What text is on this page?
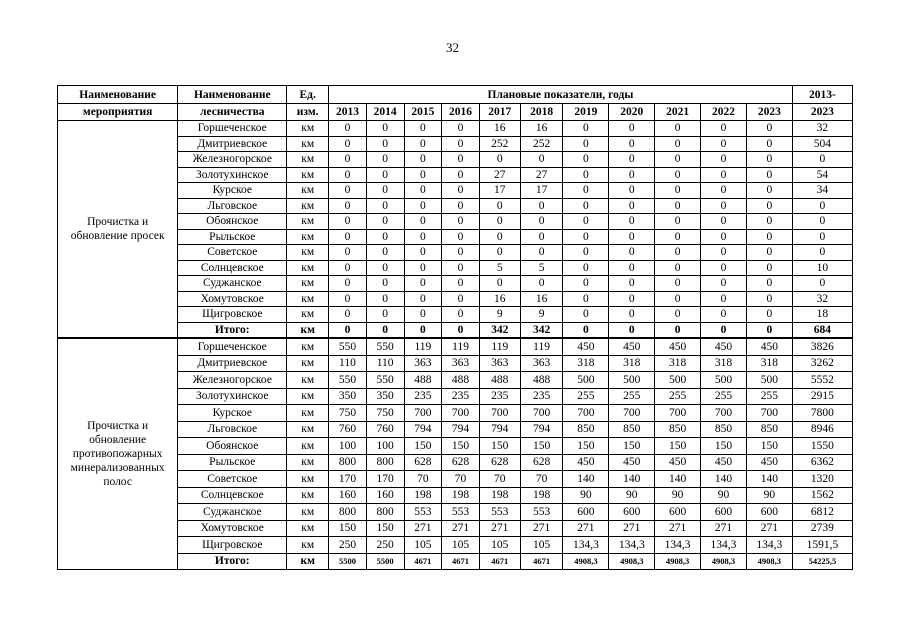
32
Наименование	Наименование	Ед.	Плановые показатели, годы											2013-
мероприятия	лесничества	изм.	2013	2014	2015	2016	2017	2018	2019	2020	2021	2022	2023	2023
Прочистка и обновление просек	Горшеченское	км	0	0	0	0	16	16	0	0	0	0	0	32
	Дмитриевское	км	0	0	0	0	252	252	0	0	0	0	0	504
	Железногорское	км	0	0	0	0	0	0	0	0	0	0	0	0
	Золотухинское	км	0	0	0	0	27	27	0	0	0	0	0	54
	Курское	км	0	0	0	0	17	17	0	0	0	0	0	34
	Льговское	км	0	0	0	0	0	0	0	0	0	0	0	0
	Обоянское	км	0	0	0	0	0	0	0	0	0	0	0	0
	Рыльское	км	0	0	0	0	0	0	0	0	0	0	0	0
	Советское	км	0	0	0	0	0	0	0	0	0	0	0	0
	Солнцевское	км	0	0	0	0	5	5	0	0	0	0	0	10
	Суджанское	км	0	0	0	0	0	0	0	0	0	0	0	0
	Хомутовское	км	0	0	0	0	16	16	0	0	0	0	0	32
	Щигровское	км	0	0	0	0	9	9	0	0	0	0	0	18
	Итого:	км	0	0	0	0	342	342	0	0	0	0	0	684
Прочистка и обновление противопожарных минерализованных полос	Горшеченское	км	550	550	119	119	119	119	450	450	450	450	450	3826
	Дмитриевское	км	110	110	363	363	363	363	318	318	318	318	318	3262
	Железногорское	км	550	550	488	488	488	488	500	500	500	500	500	5552
	Золотухинское	км	350	350	235	235	235	235	255	255	255	255	255	2915
	Курское	км	750	750	700	700	700	700	700	700	700	700	700	7800
	Льговское	км	760	760	794	794	794	794	850	850	850	850	850	8946
	Обоянское	км	100	100	150	150	150	150	150	150	150	150	150	1550
	Рыльское	км	800	800	628	628	628	628	450	450	450	450	450	6362
	Советское	км	170	170	70	70	70	70	140	140	140	140	140	1320
	Солнцевское	км	160	160	198	198	198	198	90	90	90	90	90	1562
	Суджанское	км	800	800	553	553	553	553	600	600	600	600	600	6812
	Хомутовское	км	150	150	271	271	271	271	271	271	271	271	271	2739
	Щигровское	км	250	250	105	105	105	105	134,3	134,3	134,3	134,3	134,3	1591,5
	Итого:	км	5500	5500	4671	4671	4671	4671	4908,3	4908,3	4908,3	4908,3	4908,3	54225,5
